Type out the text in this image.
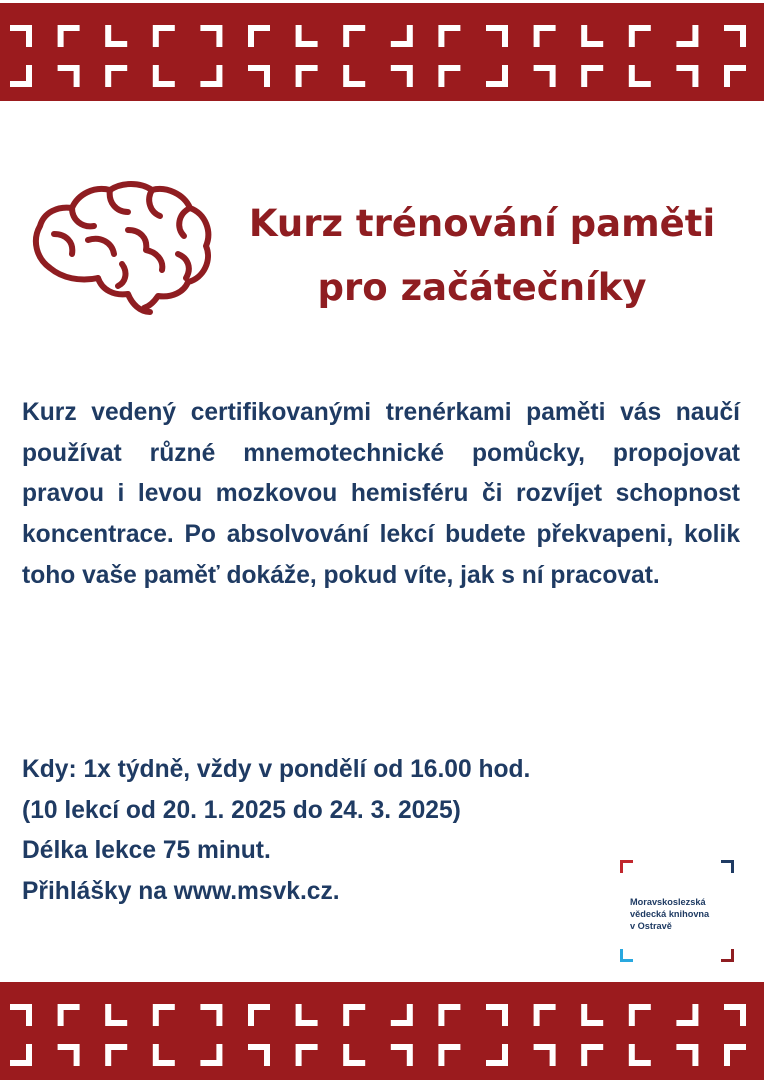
Kurz trénování paměti
pro začátečníky

Kurz vedený certifikovanými trenérkami paměti vás naučí používat různé mnemotechnické pomůcky, propojovat pravou i levou mozkovou hemisféru či rozvíjet schopnost koncentrace. Po absolvování lekcí budete překvapeni, kolik toho vaše paměť dokáže, pokud víte, jak s ní pracovat.

Kdy: 1x týdně, vždy v pondělí od 16.00 hod.
(10 lekcí od 20. 1. 2025 do 24. 3. 2025)
Délka lekce 75 minut.
Přihlášky na www.msvk.cz.	Moravskoslezská
vědecká knihovna
v Ostravě
